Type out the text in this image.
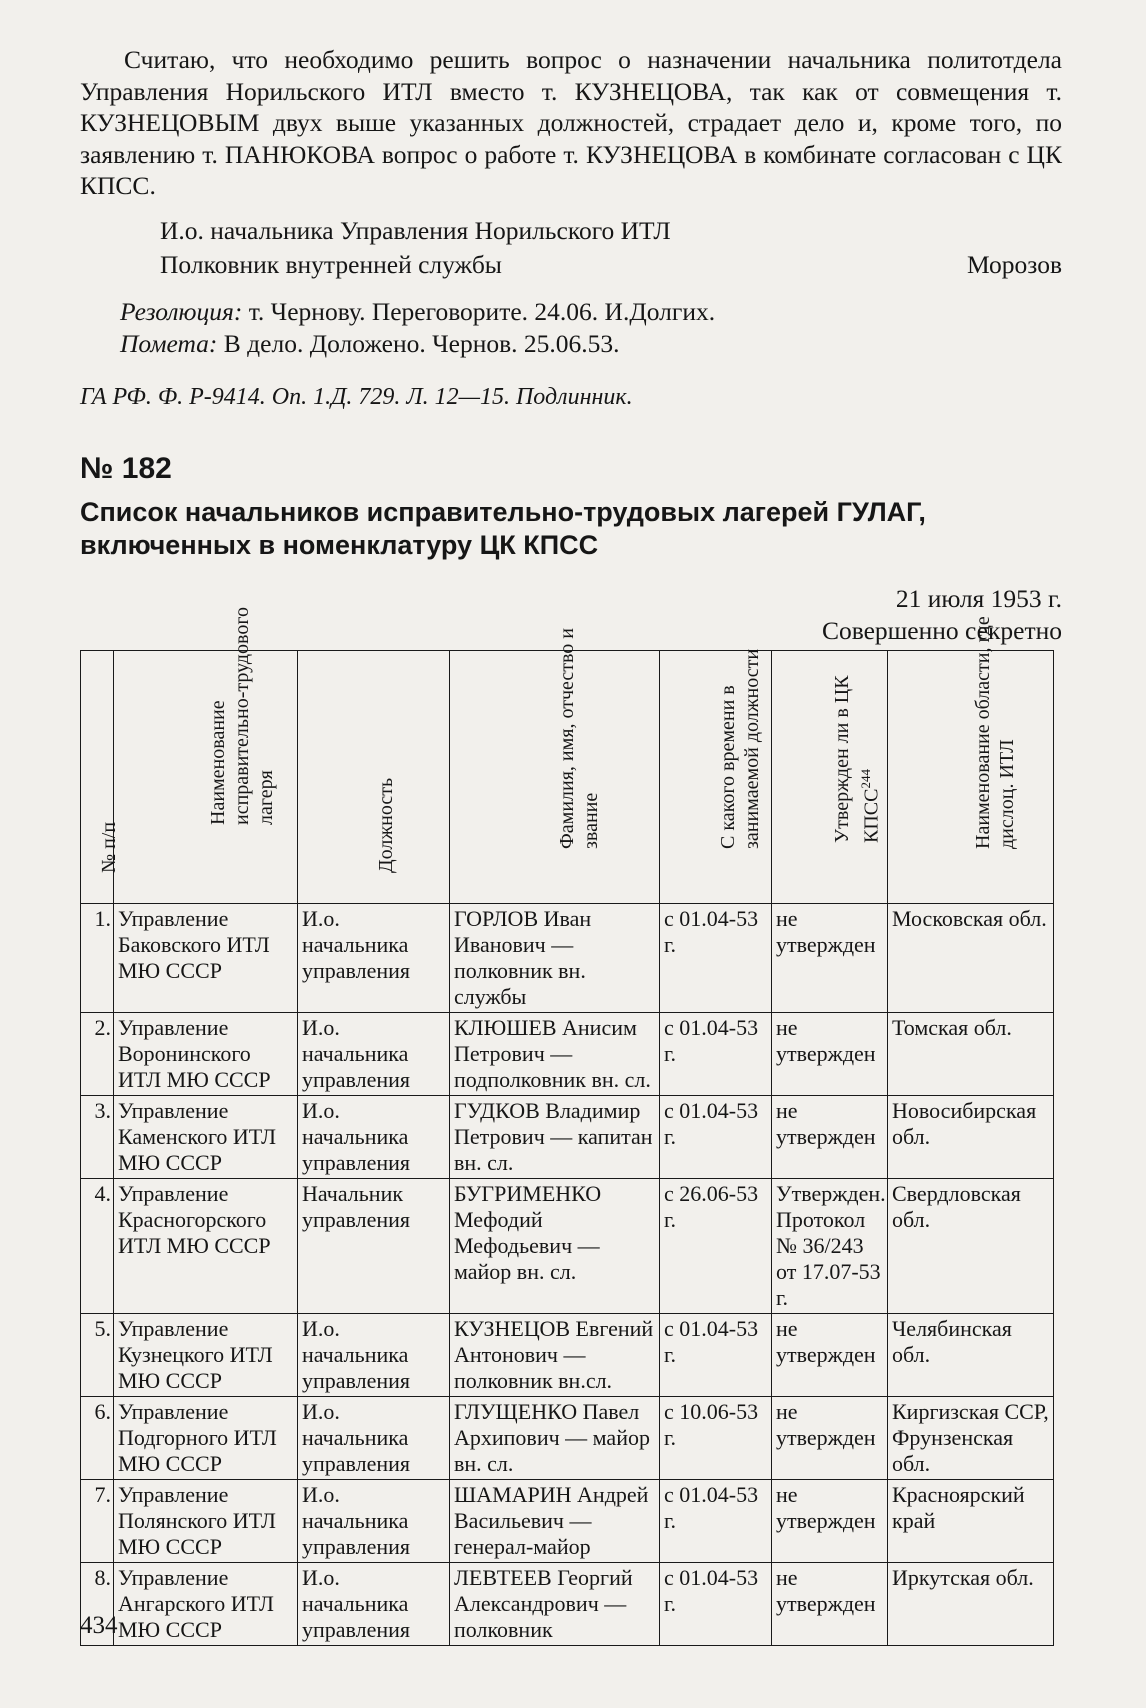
Считаю, что необходимо решить вопрос о назначении начальника политотдела Управления Норильского ИТЛ вместо т. КУЗНЕЦОВА, так как от совмещения т. КУЗНЕЦОВЫМ двух выше указанных должностей, страдает дело и, кроме того, по заявлению т. ПАНЮКОВА вопрос о работе т. КУЗНЕЦОВА в комбинате согласован с ЦК КПСС.

И.о. начальника Управления Норильского ИТЛ
Полковник внутренней службы	Морозов
Резолюция: т. Чернову. Переговорите. 24.06. И.Долгих.
Помета: В дело. Доложено. Чернов. 25.06.53.
ГА РФ. Ф. Р-9414. Оп. 1.Д. 729. Л. 12—15. Подлинник.
№ 182
Список начальников исправительно-трудовых лагерей ГУЛАГ, включенных в номенклатуру ЦК КПСС
21 июля 1953 г.
Совершенно секретно
№ п/п	Наименование исправительно-трудового лагеря	Должность	Фамилия, имя, отчество и звание	С какого времени в занимаемой должности	Утвержден ли в ЦК КПСС$^{244}$	Наименование области, где дислоц. ИТЛ

1.	Управление Баковского ИТЛ МЮ СССР	И.о. начальника управления	ГОРЛОВ Иван Иванович — полковник вн. службы	с 01.04-53 г.	не утвержден	Московская обл.
2.	Управление Воронинского ИТЛ МЮ СССР	И.о. начальника управления	КЛЮШЕВ Анисим Петрович — подполковник вн. сл.	с 01.04-53 г.	не утвержден	Томская обл.
3.	Управление Каменского ИТЛ МЮ СССР	И.о. начальника управления	ГУДКОВ Владимир Петрович — капитан вн. сл.	с 01.04-53 г.	не утвержден	Новосибирская обл.
4.	Управление Красногорского ИТЛ МЮ СССР	Начальник управления	БУГРИМЕНКО Мефодий Мефодьевич — майор вн. сл.	с 26.06-53 г.	Утвержден. Протокол № 36/243 от 17.07-53 г.	Свердловская обл.
5.	Управление Кузнецкого ИТЛ МЮ СССР	И.о. начальника управления	КУЗНЕЦОВ Евгений Антонович — полковник вн.сл.	с 01.04-53 г.	не утвержден	Челябинская обл.
6.	Управление Подгорного ИТЛ МЮ СССР	И.о. начальника управления	ГЛУЩЕНКО Павел Архипович — майор вн. сл.	с 10.06-53 г.	не утвержден	Киргизская ССР, Фрунзенская обл.
7.	Управление Полянского ИТЛ МЮ СССР	И.о. начальника управления	ШАМАРИН Андрей Васильевич — генерал-майор	с 01.04-53 г.	не утвержден	Красноярский край
8.	Управление Ангарского ИТЛ МЮ СССР	И.о. начальника управления	ЛЕВТЕЕВ Георгий Александрович — полковник	с 01.04-53 г.	не утвержден	Иркутская обл.
434
